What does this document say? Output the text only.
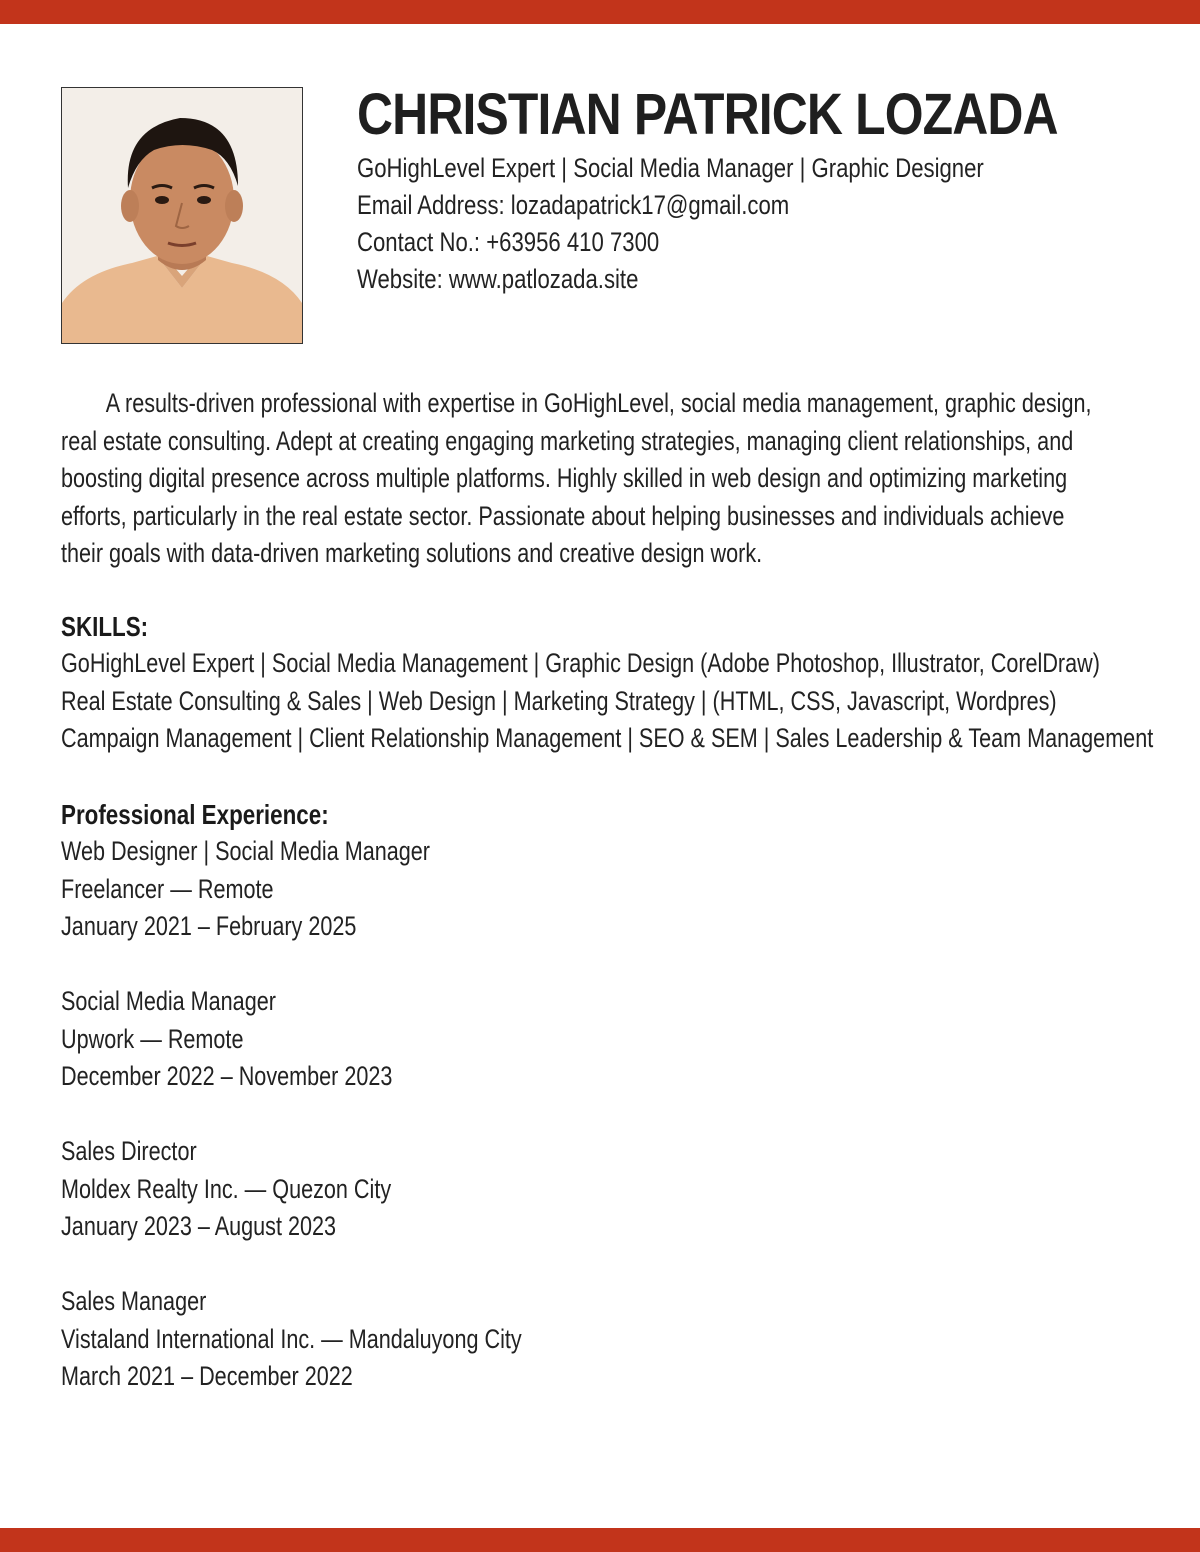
CHRISTIAN PATRICK LOZADA
GoHighLevel Expert | Social Media Manager | Graphic Designer
Email Address: lozadapatrick17@gmail.com
Contact No.: +63956 410 7300
Website: www.patlozada.site
A results-driven professional with expertise in GoHighLevel, social media management, graphic design,
real estate consulting. Adept at creating engaging marketing strategies, managing client relationships, and
boosting digital presence across multiple platforms. Highly skilled in web design and optimizing marketing
efforts, particularly in the real estate sector. Passionate about helping businesses and individuals achieve
their goals with data-driven marketing solutions and creative design work.
SKILLS:
GoHighLevel Expert | Social Media Management | Graphic Design (Adobe Photoshop, Illustrator, CorelDraw)
Real Estate Consulting & Sales | Web Design | Marketing Strategy | (HTML, CSS, Javascript, Wordpres)
Campaign Management | Client Relationship Management | SEO & SEM | Sales Leadership & Team Management
Professional Experience:
Web Designer | Social Media Manager
Freelancer — Remote
January 2021 – February 2025
Social Media Manager
Upwork — Remote
December 2022 – November 2023
Sales Director
Moldex Realty Inc. — Quezon City
January 2023 – August 2023
Sales Manager
Vistaland International Inc. — Mandaluyong City
March 2021 – December 2022
